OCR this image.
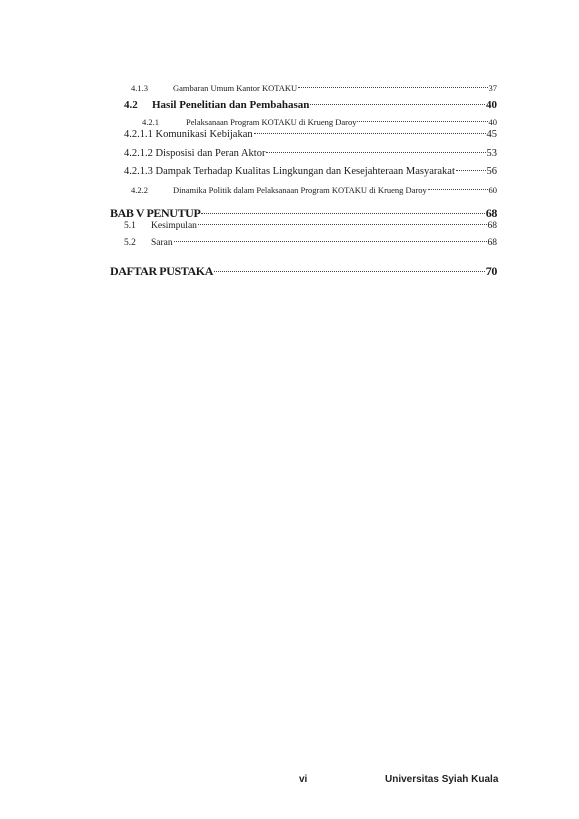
4.1.3	Gambaran Umum Kantor KOTAKU	37
4.2	Hasil Penelitian dan Pembahasan	40
4.2.1	Pelaksanaan Program KOTAKU di Krueng Daroy	40
4.2.1.1 Komunikasi Kebijakan	45
4.2.1.2 Disposisi dan Peran Aktor	53
4.2.1.3 Dampak Terhadap Kualitas Lingkungan dan Kesejahteraan Masyarakat	56
4.2.2	Dinamika Politik dalam Pelaksanaan Program KOTAKU di Krueng Daroy	60
BAB V PENUTUP	68
5.1	Kesimpulan	68
5.2	Saran	68
DAFTAR PUSTAKA	70
vi	Universitas Syiah Kuala
